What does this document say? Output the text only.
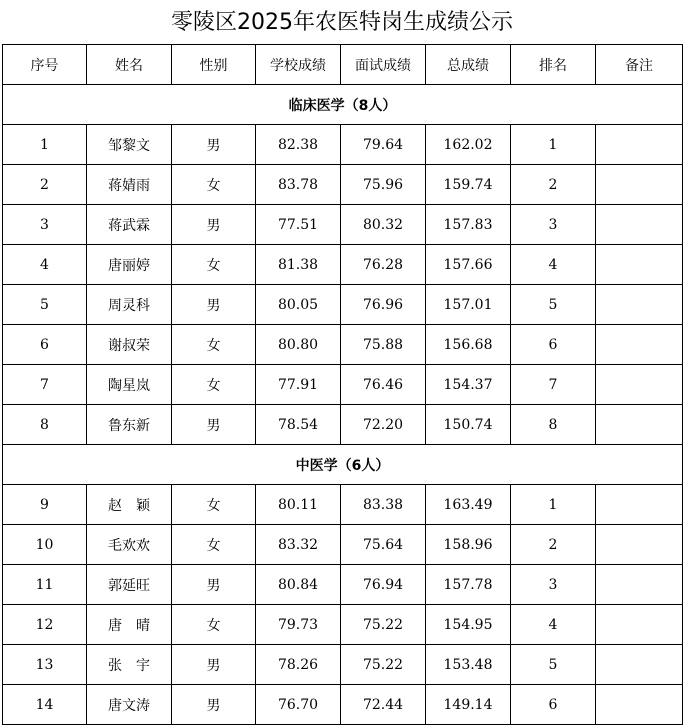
零陵区2025年农医特岗生成绩公示
序号	姓名	性别	学校成绩	面试成绩	总成绩	排名	备注
临床医学（8人）							
1	邹黎文	男	82.38	79.64	162.02	1	
2	蒋婧雨	女	83.78	75.96	159.74	2	
3	蒋武霖	男	77.51	80.32	157.83	3	
4	唐丽婷	女	81.38	76.28	157.66	4	
5	周灵科	男	80.05	76.96	157.01	5	
6	谢叔荣	女	80.80	75.88	156.68	6	
7	陶星岚	女	77.91	76.46	154.37	7	
8	鲁东新	男	78.54	72.20	150.74	8	
中医学（6人）							
9	赵　颖	女	80.11	83.38	163.49	1	
10	毛欢欢	女	83.32	75.64	158.96	2	
11	郭延旺	男	80.84	76.94	157.78	3	
12	唐　晴	女	79.73	75.22	154.95	4	
13	张　宇	男	78.26	75.22	153.48	5	
14	唐文涛	男	76.70	72.44	149.14	6	
